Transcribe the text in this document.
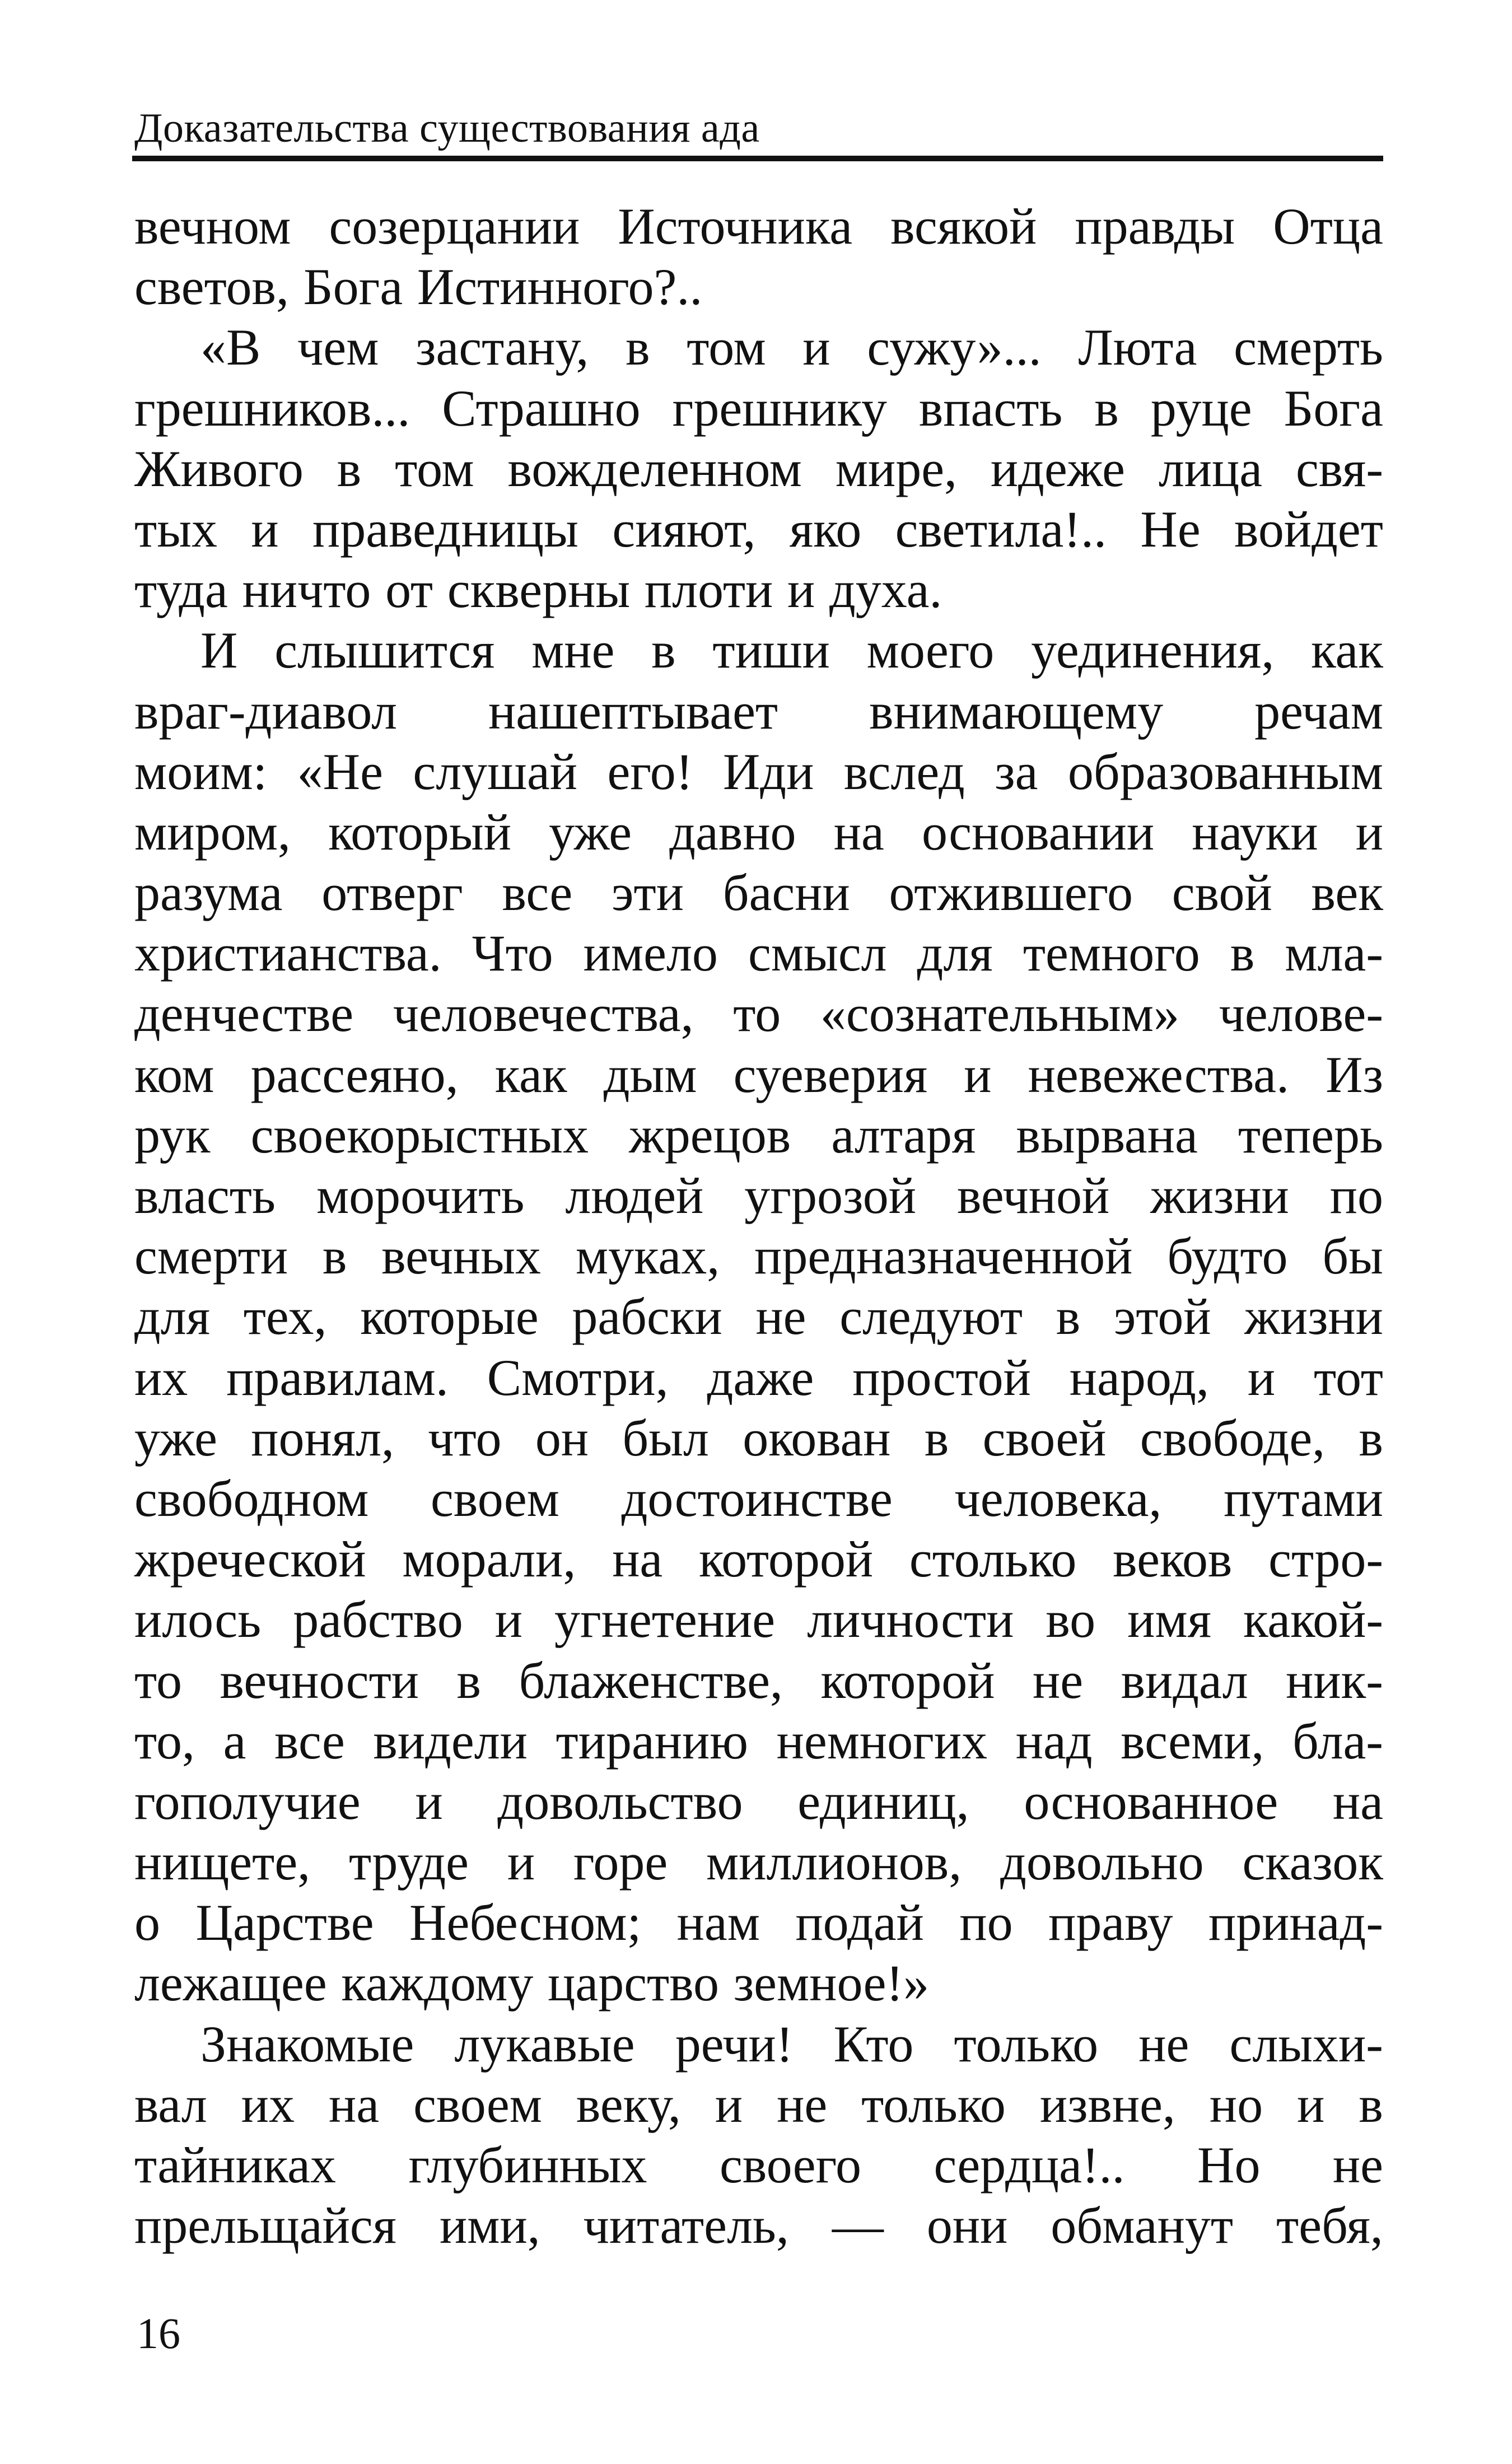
Доказательства существования ада
вечном созерцании Источника всякой правды Отца
светов, Бога Истинного?..
«В чем застану, в том и сужу»... Люта смерть
грешников... Страшно грешнику впасть в руце Бога
Живого в том вожделенном мире, идеже лица свя-
тых и праведницы сияют, яко светила!.. Не войдет
туда ничто от скверны плоти и духа.
И слышится мне в тиши моего уединения, как
враг-диавол нашептывает внимающему речам
моим: «Не слушай его! Иди вслед за образованным
миром, который уже давно на основании науки и
разума отверг все эти басни отжившего свой век
христианства. Что имело смысл для темного в мла-
денчестве человечества, то «сознательным» челове-
ком рассеяно, как дым суеверия и невежества. Из
рук своекорыстных жрецов алтаря вырвана теперь
власть морочить людей угрозой вечной жизни по
смерти в вечных муках, предназначенной будто бы
для тех, которые рабски не следуют в этой жизни
их правилам. Смотри, даже простой народ, и тот
уже понял, что он был окован в своей свободе, в
свободном своем достоинстве человека, путами
жреческой морали, на которой столько веков стро-
илось рабство и угнетение личности во имя какой-
то вечности в блаженстве, которой не видал ник-
то, а все видели тиранию немногих над всеми, бла-
гополучие и довольство единиц, основанное на
нищете, труде и горе миллионов, довольно сказок
о Царстве Небесном; нам подай по праву принад-
лежащее каждому царство земное!»
Знакомые лукавые речи! Кто только не слыхи-
вал их на своем веку, и не только извне, но и в
тайниках глубинных своего сердца!.. Но не
прельщайся ими, читатель, — они обманут тебя,
16
